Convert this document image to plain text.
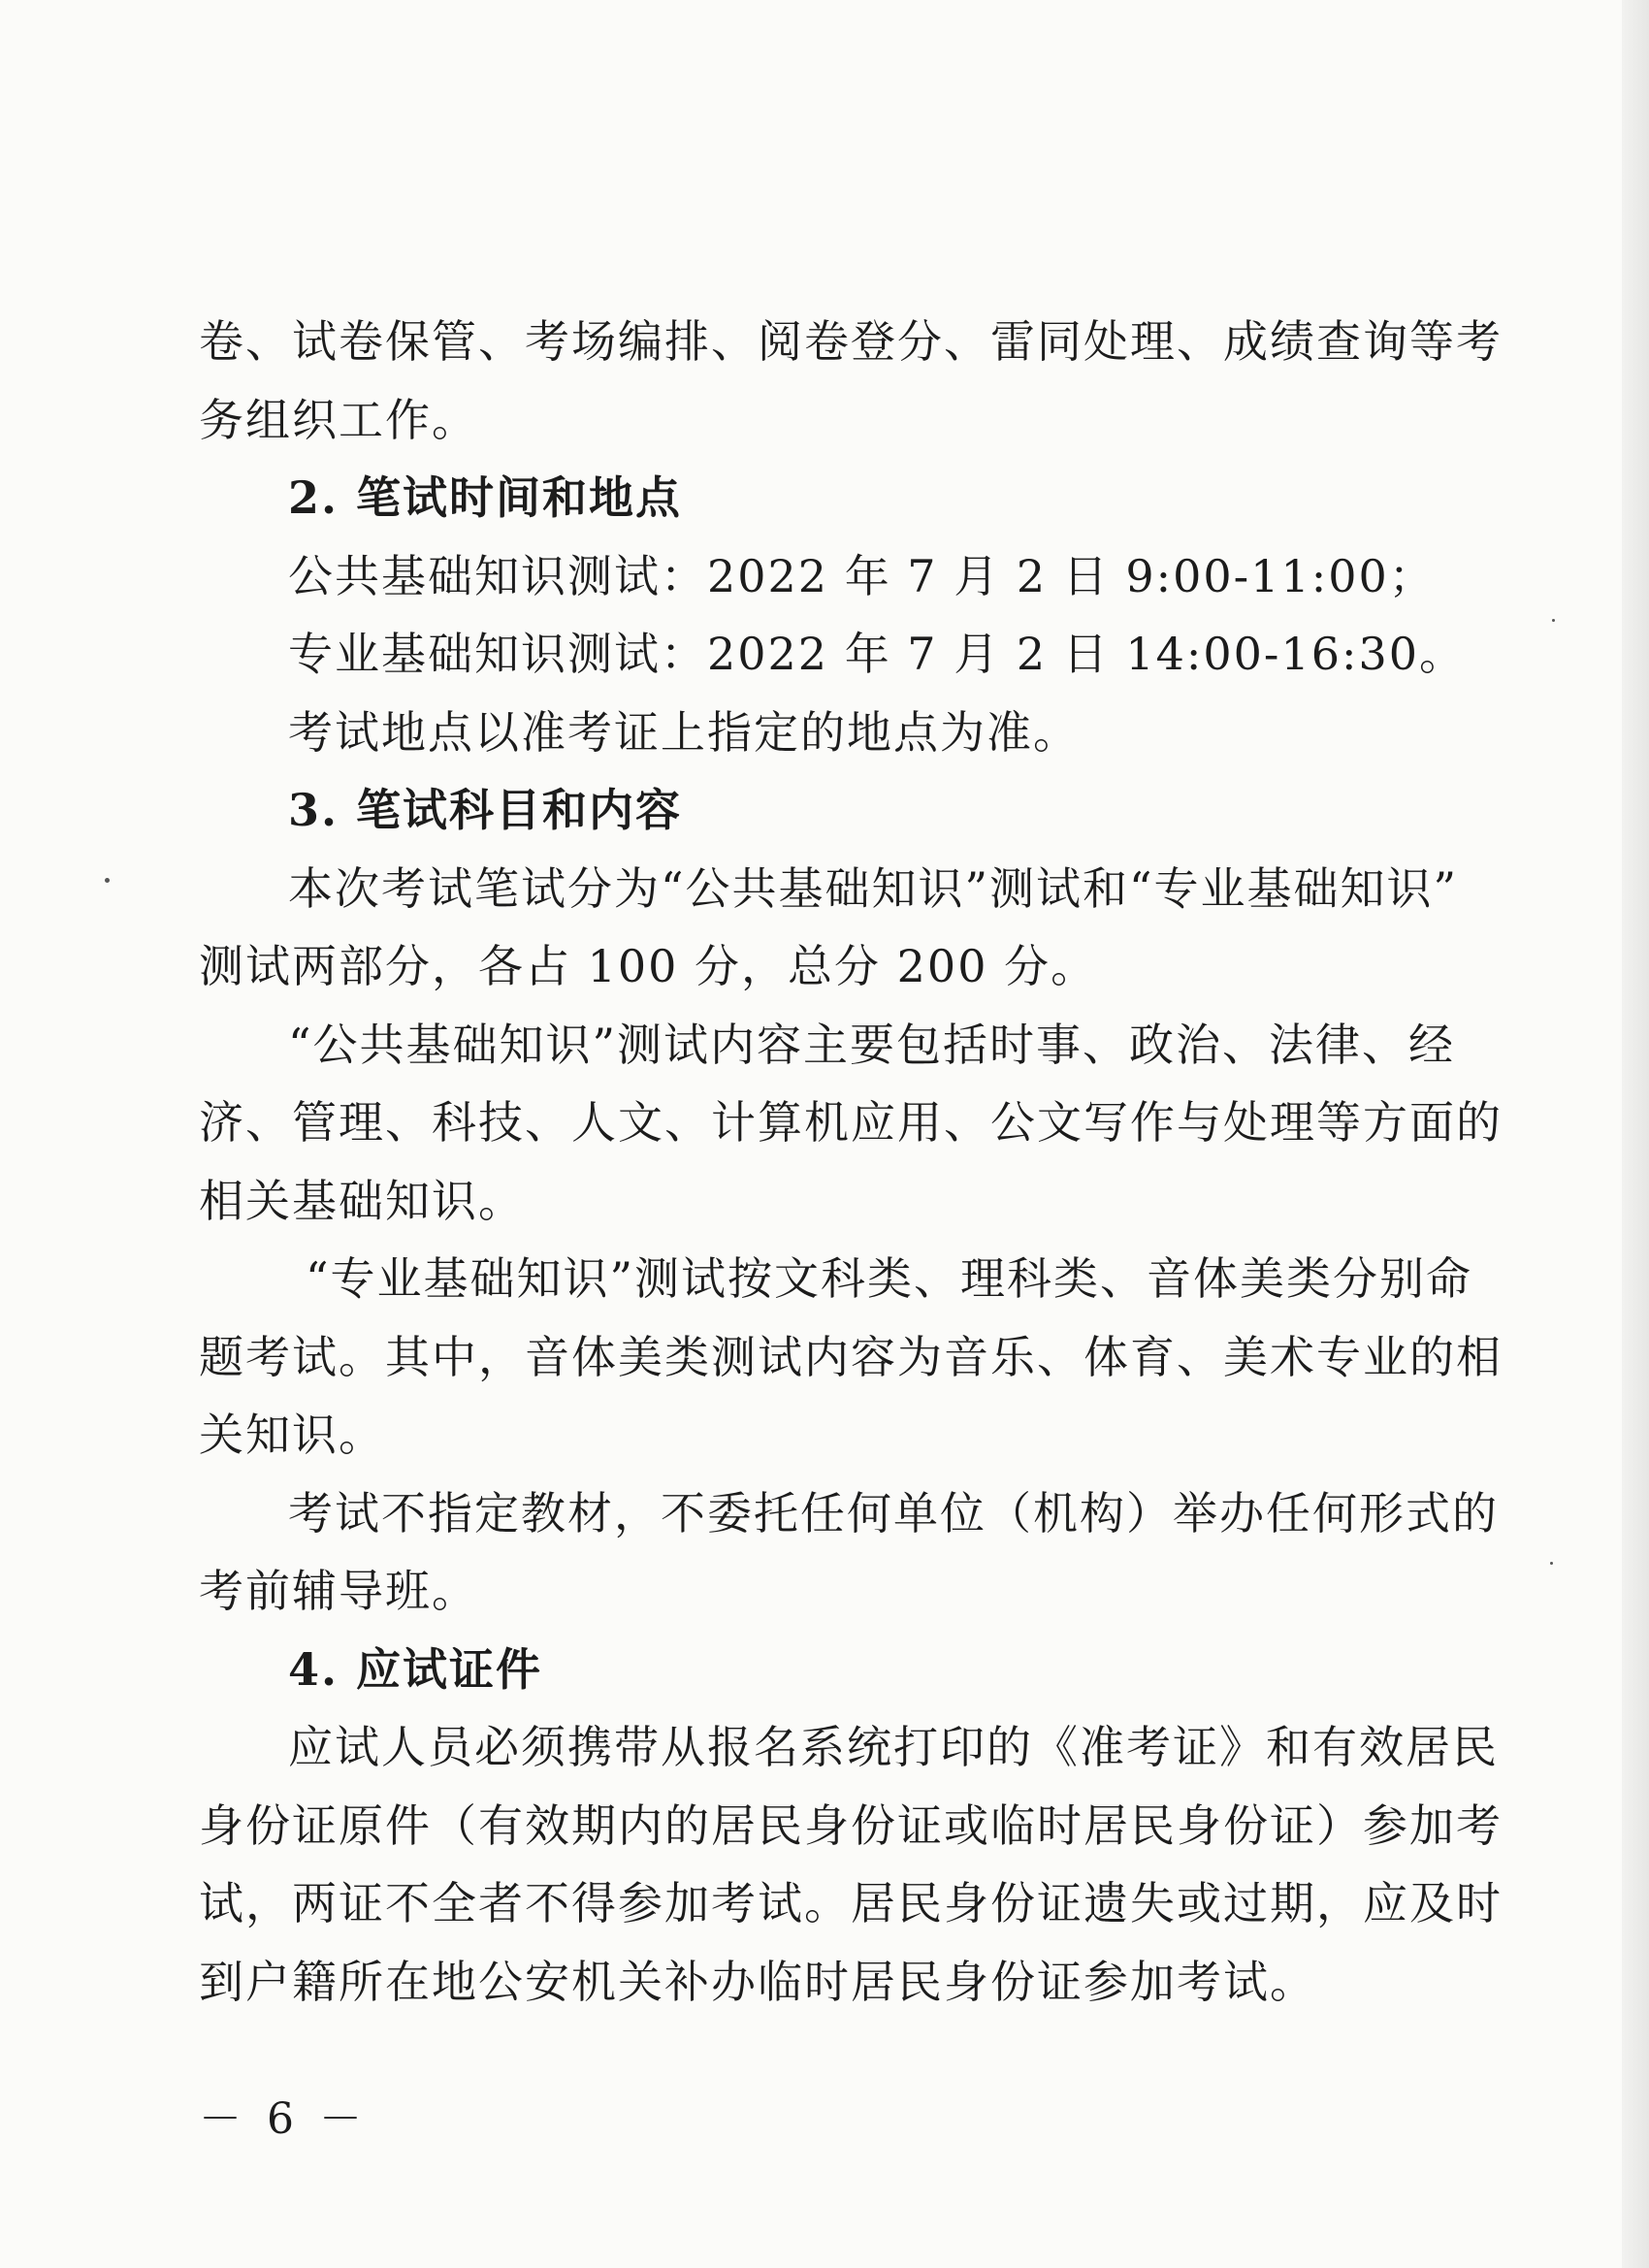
卷、试卷保管、考场编排、阅卷登分、雷同处理、成绩查询等考
务组织工作。
2. 笔试时间和地点
公共基础知识测试：2022 年 7 月 2 日 9:00-11:00；
专业基础知识测试：2022 年 7 月 2 日 14:00-16:30。
考试地点以准考证上指定的地点为准。
3. 笔试科目和内容
本次考试笔试分为“公共基础知识”测试和“专业基础知识”
测试两部分，各占 100 分，总分 200 分。
“公共基础知识”测试内容主要包括时事、政治、法律、经
济、管理、科技、人文、计算机应用、公文写作与处理等方面的
相关基础知识。
“专业基础知识”测试按文科类、理科类、音体美类分别命
题考试。其中，音体美类测试内容为音乐、体育、美术专业的相
关知识。
考试不指定教材，不委托任何单位（机构）举办任何形式的
考前辅导班。
4. 应试证件
应试人员必须携带从报名系统打印的《准考证》和有效居民
身份证原件（有效期内的居民身份证或临时居民身份证）参加考
试，两证不全者不得参加考试。居民身份证遗失或过期，应及时
到户籍所在地公安机关补办临时居民身份证参加考试。
－ 6 －
